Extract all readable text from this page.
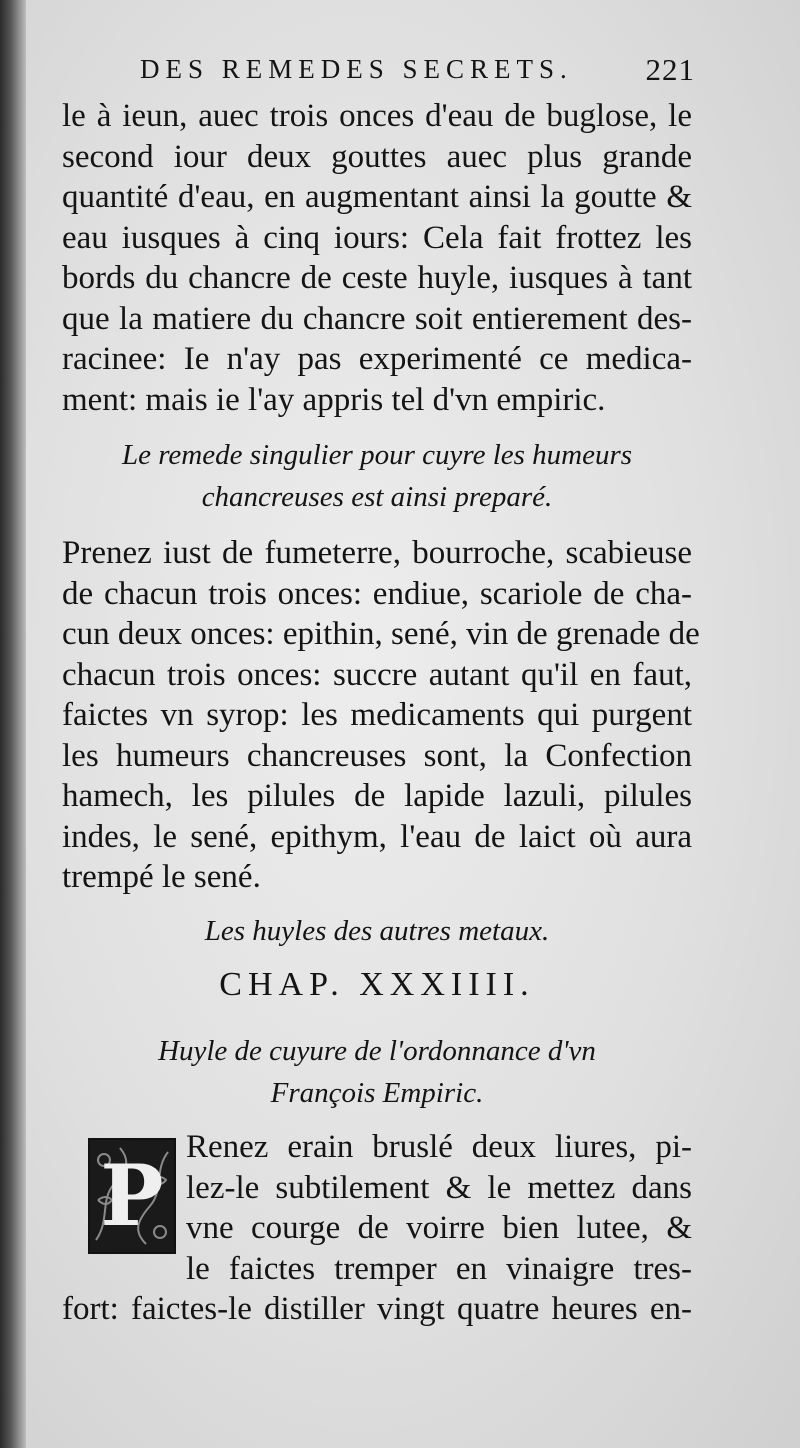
DES REMEDES SECRETS. 221
le à ieun, auec trois onces d'eau de buglose, le
second iour deux gouttes auec plus grande
quantité d'eau, en augmentant ainsi la goutte &
eau iusques à cinq iours: Cela fait frottez les
bords du chancre de ceste huyle, iusques à tant
que la matiere du chancre soit entierement des-
racinee: Ie n'ay pas experimenté ce medica-
ment: mais ie l'ay appris tel d'vn empiric.
Le remede singulier pour cuyre les humeurs
chancreuses est ainsi preparé.
Prenez iust de fumeterre, bourroche, scabieuse
de chacun trois onces: endiue, scariole de cha-
cun deux onces: epithin, sené, vin de grenade de
chacun trois onces: succre autant qu'il en faut,
faictes vn syrop: les medicaments qui purgent
les humeurs chancreuses sont, la Confection
hamech, les pilules de lapide lazuli, pilules
indes, le sené, epithym, l'eau de laict où aura
trempé le sené.
Les huyles des autres metaux.
CHAP. XXXIIII.
Huyle de cuyure de l'ordonnance d'vn
François Empiric.
P Renez erain bruslé deux liures, pi-
lez-le subtilement & le mettez dans
vne courge de voirre bien lutee, &
le faictes tremper en vinaigre tres-
fort: faictes-le distiller vingt quatre heures en-
